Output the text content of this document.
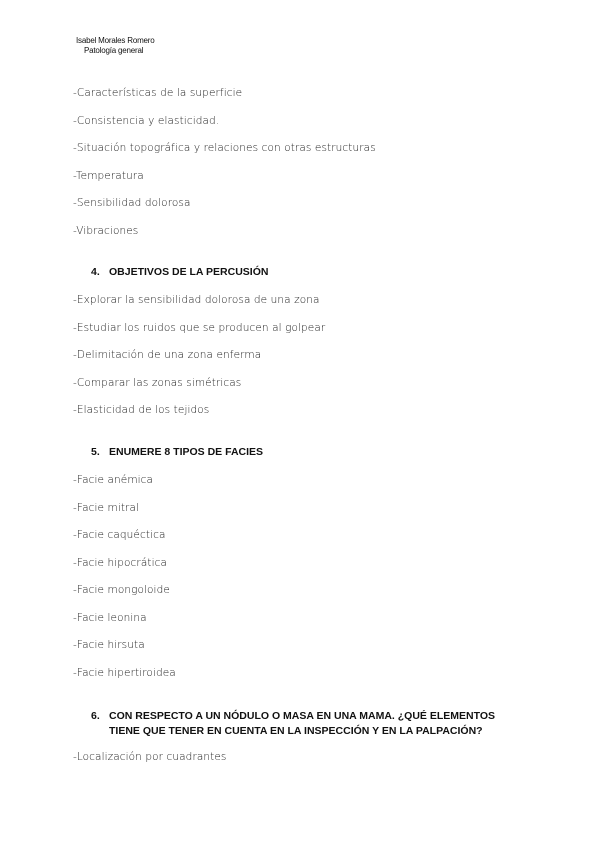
Isabel Morales Romero
Patología general
-Características de la superficie
-Consistencia y elasticidad.
-Situación topográfica y relaciones con otras estructuras
-Temperatura
-Sensibilidad dolorosa
-Vibraciones
4. OBJETIVOS DE LA PERCUSIÓN
-Explorar la sensibilidad dolorosa de una zona
-Estudiar los ruidos que se producen al golpear
-Delimitación de una zona enferma
-Comparar las zonas simétricas
-Elasticidad de los tejidos
5. ENUMERE 8 TIPOS DE FACIES
-Facie anémica
-Facie mitral
-Facie caquéctica
-Facie hipocrática
-Facie mongoloide
-Facie leonina
-Facie hirsuta
-Facie hipertiroidea
6. CON RESPECTO A UN NÓDULO O MASA EN UNA MAMA. ¿QUÉ ELEMENTOS
TIENE QUE TENER EN CUENTA EN LA INSPECCIÓN Y EN LA PALPACIÓN?
-Localización por cuadrantes
